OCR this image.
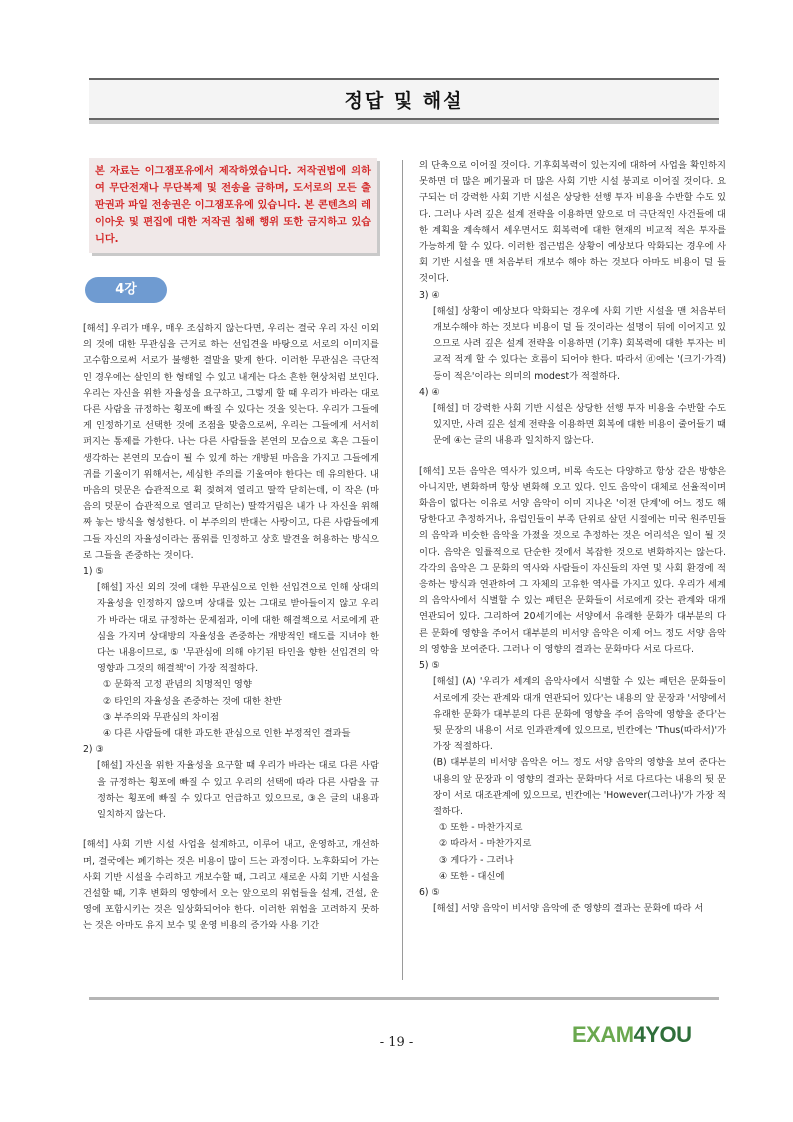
정답 및 해설
본 자료는 이그잼포유에서 제작하였습니다. 저작권법에 의하여 무단전재나 무단복제 및 전송을 금하며, 도서로의 모든 출판권과 파일 전송권은 이그잼포유에 있습니다. 본 콘텐츠의 레이아웃 및 편집에 대한 저작권 침해 행위 또한 금지하고 있습니다.
4강

[해석] 우리가 매우, 매우 조심하지 않는다면, 우리는 결국 우리 자신 이외의 것에 대한 무관심을 근거로 하는 선입견을 바탕으로 서로의 이미지를 고수함으로써 서로가 불행한 결말을 맞게 한다. 이러한 무관심은 극단적인 경우에는 살인의 한 형태일 수 있고 내게는 다소 흔한 현상처럼 보인다. 우리는 자신을 위한 자율성을 요구하고, 그렇게 할 때 우리가 바라는 대로 다른 사람을 규정하는 횡포에 빠질 수 있다는 것을 잊는다. 우리가 그들에게 인정하기로 선택한 것에 조점을 맞춤으로써, 우리는 그들에게 서서히 퍼지는 통제를 가한다. 나는 다른 사람들을 본연의 모습으로 혹은 그들이 생각하는 본연의 모습이 될 수 있게 하는 개방된 마음을 가지고 그들에게 귀를 기울이기 위해서는, 세심한 주의를 기울여야 한다는 데 유의한다. 내 마음의 덧문은 습관적으로 휙 젖혀져 열리고 딸깍 닫히는데, 이 작은 (마음의 덧문이 습관적으로 열리고 닫히는) 딸깍거림은 내가 나 자신을 위해 짜 놓는 방식을 형성한다. 이 부주의의 반대는 사랑이고, 다른 사람들에게 그들 자신의 자율성이라는 품위를 인정하고 상호 발견을 허용하는 방식으로 그들을 존중하는 것이다.

1) ⑤

[해설] 자신 외의 것에 대한 무관심으로 인한 선입견으로 인해 상대의 자율성을 인정하지 않으며 상대를 있는 그대로 받아들이지 않고 우리가 바라는 대로 규정하는 문제점과, 이에 대한 해결책으로 서로에게 관심을 가지며 상대방의 자율성을 존중하는 개방적인 태도를 지녀야 한다는 내용이므로, ⑤ '무관심에 의해 야기된 타인을 향한 선입견의 악영향과 그것의 해결책'이 가장 적절하다.

① 문화적 고정 관념의 치명적인 영향

② 타인의 자율성을 존중하는 것에 대한 찬반

③ 부주의와 무관심의 차이점

④ 다른 사람들에 대한 과도한 관심으로 인한 부정적인 결과들

2) ③

[해설] 자신을 위한 자율성을 요구할 때 우리가 바라는 대로 다른 사람을 규정하는 횡포에 빠질 수 있고 우리의 선택에 따라 다른 사람을 규정하는 횡포에 빠질 수 있다고 언급하고 있으므로, ③은 글의 내용과 일치하지 않는다.

[해석] 사회 기반 시설 사업을 설계하고, 이루어 내고, 운영하고, 개선하며, 결국에는 폐기하는 것은 비용이 많이 드는 과정이다. 노후화되어 가는 사회 기반 시설을 수리하고 개보수할 때, 그리고 새로운 사회 기반 시설을 건설할 때, 기후 변화의 영향에서 오는 앞으로의 위험들을 설계, 건설, 운영에 포함시키는 것은 일상화되어야 한다. 이러한 위험을 고려하지 못하는 것은 아마도 유지 보수 및 운영 비용의 증가와 사용 기간

의 단축으로 이어질 것이다. 기후회복력이 있는지에 대하여 사업을 확인하지 못하면 더 많은 폐기물과 더 많은 사회 기반 시설 붕괴로 이어질 것이다. 요구되는 더 강력한 사회 기반 시설은 상당한 선행 투자 비용을 수반할 수도 있다. 그러나 사려 깊은 설계 전략을 이용하면 앞으로 더 극단적인 사건들에 대한 계획을 계속해서 세우면서도 회복력에 대한 현재의 비교적 적은 투자를 가능하게 할 수 있다. 이러한 접근법은 상황이 예상보다 악화되는 경우에 사회 기반 시설을 맨 처음부터 개보수 해야 하는 것보다 아마도 비용이 덜 들 것이다.

3) ④

[해설] 상황이 예상보다 악화되는 경우에 사회 기반 시설을 맨 처음부터 개보수해야 하는 것보다 비용이 덜 들 것이라는 설명이 뒤에 이어지고 있으므로 사려 깊은 설계 전략을 이용하면 (기후) 회복력에 대한 투자는 비교적 적게 할 수 있다는 흐름이 되어야 한다. 따라서 ⓓ에는 '(크기·가격) 등이 적은'이라는 의미의 modest가 적절하다.

4) ④

[해설] 더 강력한 사회 기반 시설은 상당한 선행 투자 비용을 수반할 수도 있지만, 사려 깊은 설계 전략을 이용하면 회복에 대한 비용이 줄어들기 때문에 ④는 글의 내용과 일치하지 않는다.

[해석] 모든 음악은 역사가 있으며, 비록 속도는 다양하고 항상 같은 방향은 아니지만, 변화하며 항상 변화해 오고 있다. 인도 음악이 대체로 선율적이며 화음이 없다는 이유로 서양 음악이 이미 지나온 '이전 단계'에 어느 정도 해당한다고 추정하거나, 유럽인들이 부족 단위로 살던 시절에는 미국 원주민들의 음악과 비슷한 음악을 가졌을 것으로 추정하는 것은 어리석은 일이 될 것이다. 음악은 일률적으로 단순한 것에서 복잡한 것으로 변화하지는 않는다. 각각의 음악은 그 문화의 역사와 사람들이 자신들의 자연 및 사회 환경에 적응하는 방식과 연관하여 그 자체의 고유한 역사를 가지고 있다. 우리가 세계의 음악사에서 식별할 수 있는 패턴은 문화들이 서로에게 갖는 관계와 대개 연관되어 있다. 그리하여 20세기에는 서양에서 유래한 문화가 대부분의 다른 문화에 영향을 주어서 대부분의 비서양 음악은 이제 어느 정도 서양 음악의 영향을 보여준다. 그러나 이 영향의 결과는 문화마다 서로 다르다.

5) ⑤

[해설] (A) '우리가 세계의 음악사에서 식별할 수 있는 패턴은 문화들이 서로에게 갖는 관계와 대개 연관되어 있다'는 내용의 앞 문장과 '서양에서 유래한 문화가 대부분의 다른 문화에 영향을 주어 음악에 영향을 준다'는 뒷 문장의 내용이 서로 인과관계에 있으므로, 빈칸에는 'Thus(따라서)'가 가장 적절하다.

(B) 대부분의 비서양 음악은 어느 정도 서양 음악의 영향을 보여 준다는 내용의 앞 문장과 이 영향의 결과는 문화마다 서로 다르다는 내용의 뒷 문장이 서로 대조관계에 있으므로, 빈칸에는 'However(그러나)'가 가장 적절하다.

① 또한 - 마찬가지로

② 따라서 - 마찬가지로

③ 게다가 - 그러나

④ 또한 - 대신에

6) ⑤

[해설] 서양 음악이 비서양 음악에 준 영향의 결과는 문화에 따라 서

- 19 -	EXAM4YOU
